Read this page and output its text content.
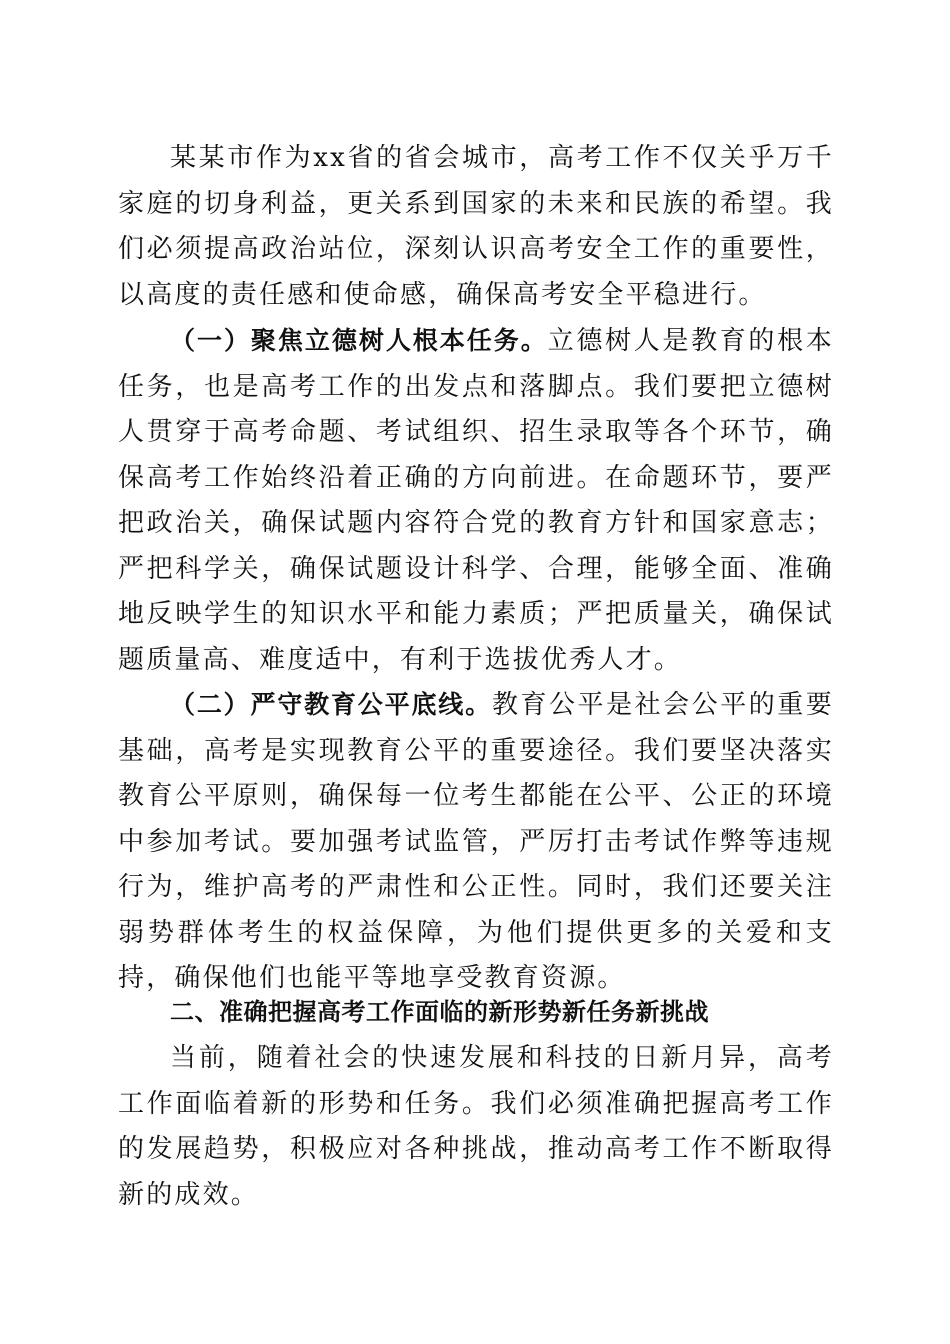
某某市作为xx省的省会城市，高考工作不仅关乎万千家庭的切身利益，更关系到国家的未来和民族的希望。我们必须提高政治站位，深刻认识高考安全工作的重要性，以高度的责任感和使命感，确保高考安全平稳进行。

（一）聚焦立德树人根本任务。立德树人是教育的根本任务，也是高考工作的出发点和落脚点。我们要把立德树人贯穿于高考命题、考试组织、招生录取等各个环节，确保高考工作始终沿着正确的方向前进。在命题环节，要严把政治关，确保试题内容符合党的教育方针和国家意志；严把科学关，确保试题设计科学、合理，能够全面、准确地反映学生的知识水平和能力素质；严把质量关，确保试题质量高、难度适中，有利于选拔优秀人才。

（二）严守教育公平底线。教育公平是社会公平的重要基础，高考是实现教育公平的重要途径。我们要坚决落实教育公平原则，确保每一位考生都能在公平、公正的环境中参加考试。要加强考试监管，严厉打击考试作弊等违规行为，维护高考的严肃性和公正性。同时，我们还要关注弱势群体考生的权益保障，为他们提供更多的关爱和支持，确保他们也能平等地享受教育资源。

二、准确把握高考工作面临的新形势新任务新挑战

当前，随着社会的快速发展和科技的日新月异，高考工作面临着新的形势和任务。我们必须准确把握高考工作的发展趋势，积极应对各种挑战，推动高考工作不断取得新的成效。
